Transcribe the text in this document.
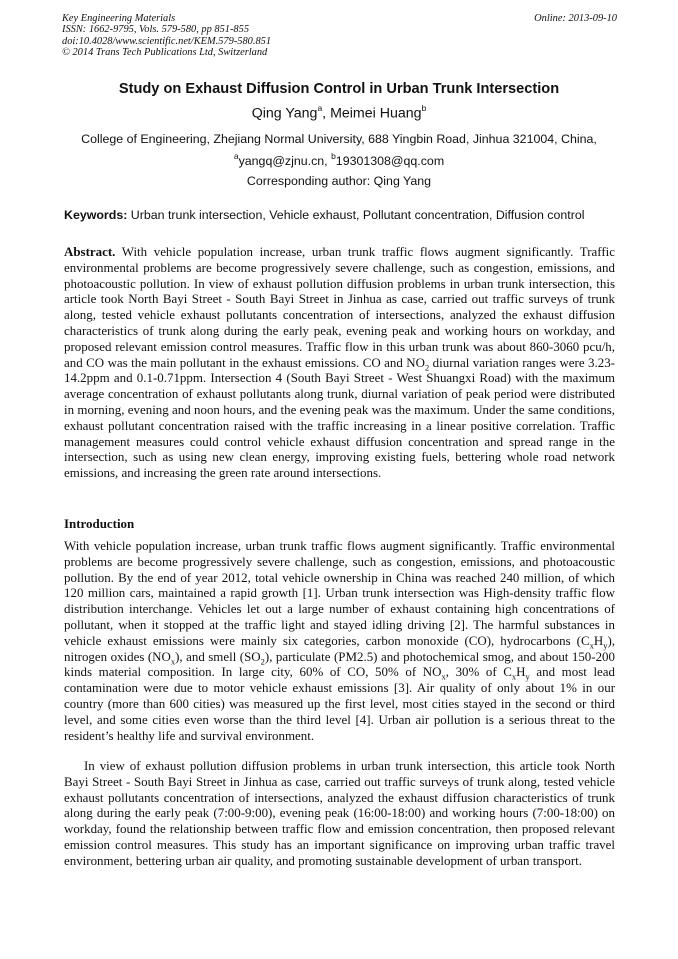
Key Engineering Materials
ISSN: 1662-9795, Vols. 579-580, pp 851-855
doi:10.4028/www.scientific.net/KEM.579-580.851
© 2014 Trans Tech Publications Ltd, Switzerland
Online: 2013-09-10
Study on Exhaust Diffusion Control in Urban Trunk Intersection
Qing Yang$^a$, Meimei Huang$^b$
College of Engineering, Zhejiang Normal University, 688 Yingbin Road, Jinhua 321004, China,
$^a$yangq@zjnu.cn, $^b$19301308@qq.com
Corresponding author: Qing Yang
Keywords: Urban trunk intersection, Vehicle exhaust, Pollutant concentration, Diffusion control
Abstract. With vehicle population increase, urban trunk traffic flows augment significantly. Traffic environmental problems are become progressively severe challenge, such as congestion, emissions, and photoacoustic pollution. In view of exhaust pollution diffusion problems in urban trunk intersection, this article took North Bayi Street - South Bayi Street in Jinhua as case, carried out traffic surveys of trunk along, tested vehicle exhaust pollutants concentration of intersections, analyzed the exhaust diffusion characteristics of trunk along during the early peak, evening peak and working hours on workday, and proposed relevant emission control measures. Traffic flow in this urban trunk was about 860-3060 pcu/h, and CO was the main pollutant in the exhaust emissions. CO and $NO_2$ diurnal variation ranges were 3.23-14.2ppm and 0.1-0.71ppm. Intersection 4 (South Bayi Street - West Shuangxi Road) with the maximum average concentration of exhaust pollutants along trunk, diurnal variation of peak period were distributed in morning, evening and noon hours, and the evening peak was the maximum. Under the same conditions, exhaust pollutant concentration raised with the traffic increasing in a linear positive correlation. Traffic management measures could control vehicle exhaust diffusion concentration and spread range in the intersection, such as using new clean energy, improving existing fuels, bettering whole road network emissions, and increasing the green rate around intersections.
Introduction
With vehicle population increase, urban trunk traffic flows augment significantly. Traffic environmental problems are become progressively severe challenge, such as congestion, emissions, and photoacoustic pollution. By the end of year 2012, total vehicle ownership in China was reached 240 million, of which 120 million cars, maintained a rapid growth [1]. Urban trunk intersection was High-density traffic flow distribution interchange. Vehicles let out a large number of exhaust containing high concentrations of pollutant, when it stopped at the traffic light and stayed idling driving [2]. The harmful substances in vehicle exhaust emissions were mainly six categories, carbon monoxide (CO), hydrocarbons $(C_xH_y)$, nitrogen oxides $(NO_x)$, and smell $(SO_2)$, particulate (PM2.5) and photochemical smog, and about 150-200 kinds material composition. In large city, 60% of CO, 50% of $NO_x$, 30% of $C_xH_y$ and most lead contamination were due to motor vehicle exhaust emissions [3]. Air quality of only about 1% in our country (more than 600 cities) was measured up the first level, most cities stayed in the second or third level, and some cities even worse than the third level [4]. Urban air pollution is a serious threat to the resident’s healthy life and survival environment.
In view of exhaust pollution diffusion problems in urban trunk intersection, this article took North Bayi Street - South Bayi Street in Jinhua as case, carried out traffic surveys of trunk along, tested vehicle exhaust pollutants concentration of intersections, analyzed the exhaust diffusion characteristics of trunk along during the early peak (7:00-9:00), evening peak (16:00-18:00) and working hours (7:00-18:00) on workday, found the relationship between traffic flow and emission concentration, then proposed relevant emission control measures. This study has an important significance on improving urban traffic travel environment, bettering urban air quality, and promoting sustainable development of urban transport.
